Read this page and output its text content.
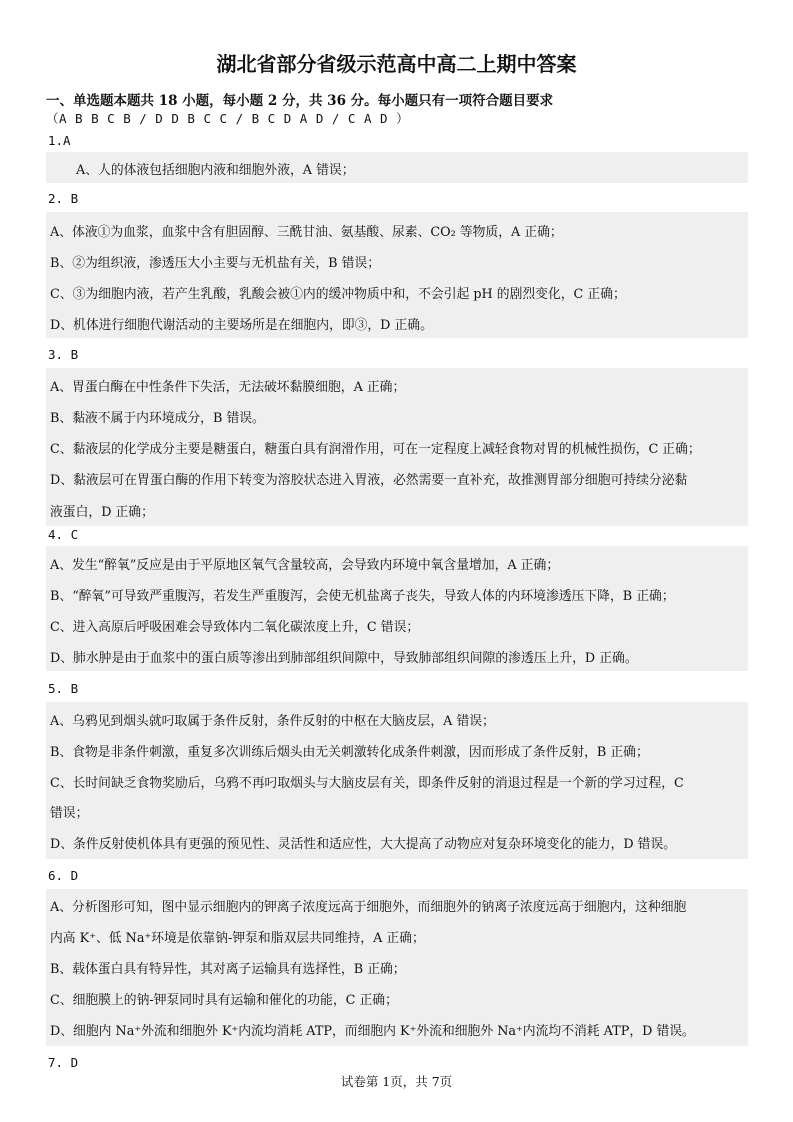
湖北省部分省级示范高中高二上期中答案
一、单选题本题共 18 小题，每小题 2 分，共 36 分。每小题只有一项符合题目要求
（A B B C B / D D B C C / B C D A D / C A D ）
1.A
A、人的体液包括细胞内液和细胞外液，A 错误；
2. B
A、体液①为血浆，血浆中含有胆固醇、三酰甘油、氨基酸、尿素、CO₂ 等物质，A 正确；
B、②为组织液，渗透压大小主要与无机盐有关，B 错误；
C、③为细胞内液，若产生乳酸，乳酸会被①内的缓冲物质中和，不会引起 pH 的剧烈变化，C 正确；
D、机体进行细胞代谢活动的主要场所是在细胞内，即③，D 正确。
3. B
A、胃蛋白酶在中性条件下失活，无法破坏黏膜细胞，A 正确；
B、黏液不属于内环境成分，B 错误。
C、黏液层的化学成分主要是糖蛋白，糖蛋白具有润滑作用，可在一定程度上减轻食物对胃的机械性损伤，C 正确；
D、黏液层可在胃蛋白酶的作用下转变为溶胶状态进入胃液，必然需要一直补充，故推测胃部分细胞可持续分泌黏
液蛋白，D 正确；
4. C
A、发生“醉氧”反应是由于平原地区氧气含量较高，会导致内环境中氧含量增加，A 正确；
B、“醉氧”可导致严重腹泻，若发生严重腹泻，会使无机盐离子丧失，导致人体的内环境渗透压下降，B 正确；
C、进入高原后呼吸困难会导致体内二氧化碳浓度上升，C 错误；
D、肺水肿是由于血浆中的蛋白质等渗出到肺部组织间隙中，导致肺部组织间隙的渗透压上升，D 正确。
5. B
A、乌鸦见到烟头就叼取属于条件反射，条件反射的中枢在大脑皮层，A 错误；
B、食物是非条件刺激，重复多次训练后烟头由无关刺激转化成条件刺激，因而形成了条件反射，B 正确；
C、长时间缺乏食物奖励后，乌鸦不再叼取烟头与大脑皮层有关，即条件反射的消退过程是一个新的学习过程，C
错误；
D、条件反射使机体具有更强的预见性、灵活性和适应性，大大提高了动物应对复杂环境变化的能力，D 错误。
6. D
A、分析图形可知，图中显示细胞内的钾离子浓度远高于细胞外，而细胞外的钠离子浓度远高于细胞内，这种细胞
内高 K⁺、低 Na⁺环境是依靠钠-钾泵和脂双层共同维持，A 正确；
B、载体蛋白具有特异性，其对离子运输具有选择性，B 正确；
C、细胞膜上的钠-钾泵同时具有运输和催化的功能，C 正确；
D、细胞内 Na⁺外流和细胞外 K⁺内流均消耗 ATP，而细胞内 K⁺外流和细胞外 Na⁺内流均不消耗 ATP，D 错误。
7. D
试卷第 1页，共 7页
